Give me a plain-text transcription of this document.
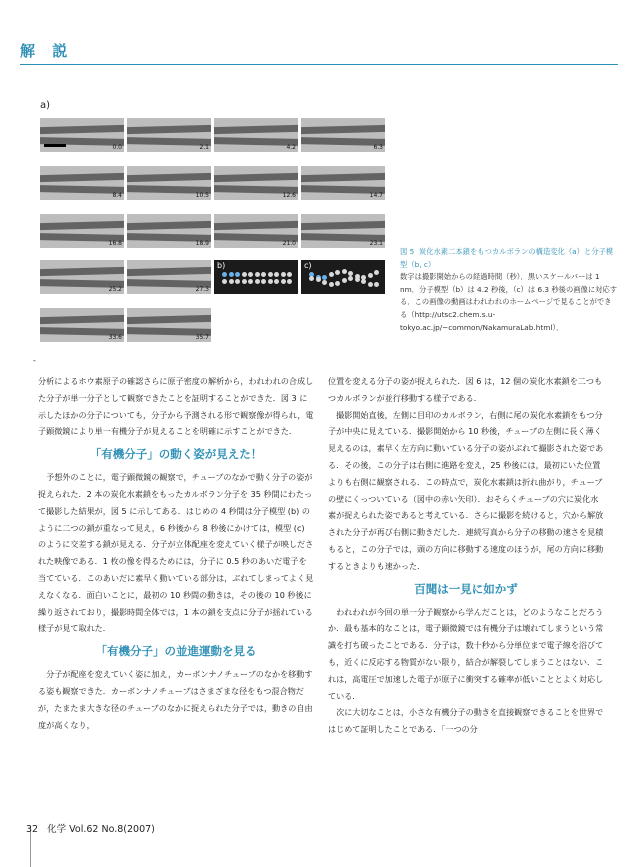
解 説
a)
0.0	2.1	4.2	6.3
8.4	10.5	12.6	14.7
16.8	18.9	21.0	23.1
25.2	27.3
33.6	35.7
b)	c)
図 5 炭化水素二本鎖をもつカルボランの構造変化（a）と分子模型（b, c）
数字は撮影開始からの経過時間（秒）．黒いスケールバーは 1 nm．分子模型（b）は 4.2 秒後，（c）は 6.3 秒後の画像に対応する．この画像の動画はわれわれのホームページで見ることができる（http://utsc2.chem.s.u-tokyo.ac.jp/~common/NakamuraLab.html）．
-

分析によるホウ素原子の確認さらに原子密度の解析から，われわれの合成した分子が単一分子として観察できたことを証明することができた．図 3 に示したほかの分子についても，分子から予測される形で観察像が得られ，電子顕微鏡により単一有機分子が見えることを明確に示すことができた．

「有機分子」の動く姿が見えた！

予想外のことに，電子顕微鏡の観察で，チューブのなかで動く分子の姿が捉えられた．2 本の炭化水素鎖をもったカルボラン分子を 35 秒間にわたって撮影した結果が，図 5 に示してある．はじめの 4 秒間は分子模型 (b) のように二つの鎖が重なって見え，6 秒後から 8 秒後にかけては，模型 (c) のように交差する鎖が見える．分子が立体配座を変えていく様子が映しだされた映像である．1 枚の像を得るためには，分子に 0.5 秒のあいだ電子を当てている．このあいだに素早く動いている部分は，ぶれてしまってよく見えなくなる．面白いことに，最初の 10 秒間の動きは，その後の 10 秒後に繰り返されており，撮影時間全体では，1 本の鎖を支点に分子が揺れている様子が見て取れた．

「有機分子」の並進運動を見る

分子が配座を変えていく姿に加え，カーボンナノチューブのなかを移動する姿も観察できた．カーボンナノチューブはさまざまな径をもつ混合物だが，たまたま大きな径のチューブのなかに捉えられた分子では，動きの自由度が高くなり，

位置を変える分子の姿が捉えられた．図 6 は，12 個の炭化水素鎖を二つもつカルボランが並行移動する様子である．

撮影開始直後，左側に目印のカルボラン，右側に尾の炭化水素鎖をもつ分子が中央に見えている．撮影開始から 10 秒後，チューブの左側に長く薄く見えるのは，素早く左方向に動いている分子の姿がぶれて撮影された姿である．その後，この分子は右側に進路を変え，25 秒後には，最初にいた位置よりも右側に観察される．この時点で，炭化水素鎖は折れ曲がり，チューブの壁にくっついている（図中の赤い矢印）．おそらくチューブの穴に炭化水素が捉えられた姿であると考えている．さらに撮影を続けると，穴から解放された分子が再び右側に動きだした．連続写真から分子の移動の速さを見積もると，この分子では，頭の方向に移動する速度のほうが，尾の方向に移動するときよりも速かった．

百聞は一見に如かず

われわれが今回の単一分子観察から学んだことは，どのようなことだろうか．最も基本的なことは，電子顕微鏡では有機分子は壊れてしまうという常識を打ち破ったことである．分子は，数十秒から分単位まで電子線を浴びても，近くに反応する物質がない限り，結合が解裂してしまうことはない．これは，高電圧で加速した電子が原子に衝突する確率が低いこととよく対応している．

次に大切なことは，小さな有機分子の動きを直接観察できることを世界ではじめて証明したことである．「一つの分

32 化学 Vol.62 No.8(2007)
